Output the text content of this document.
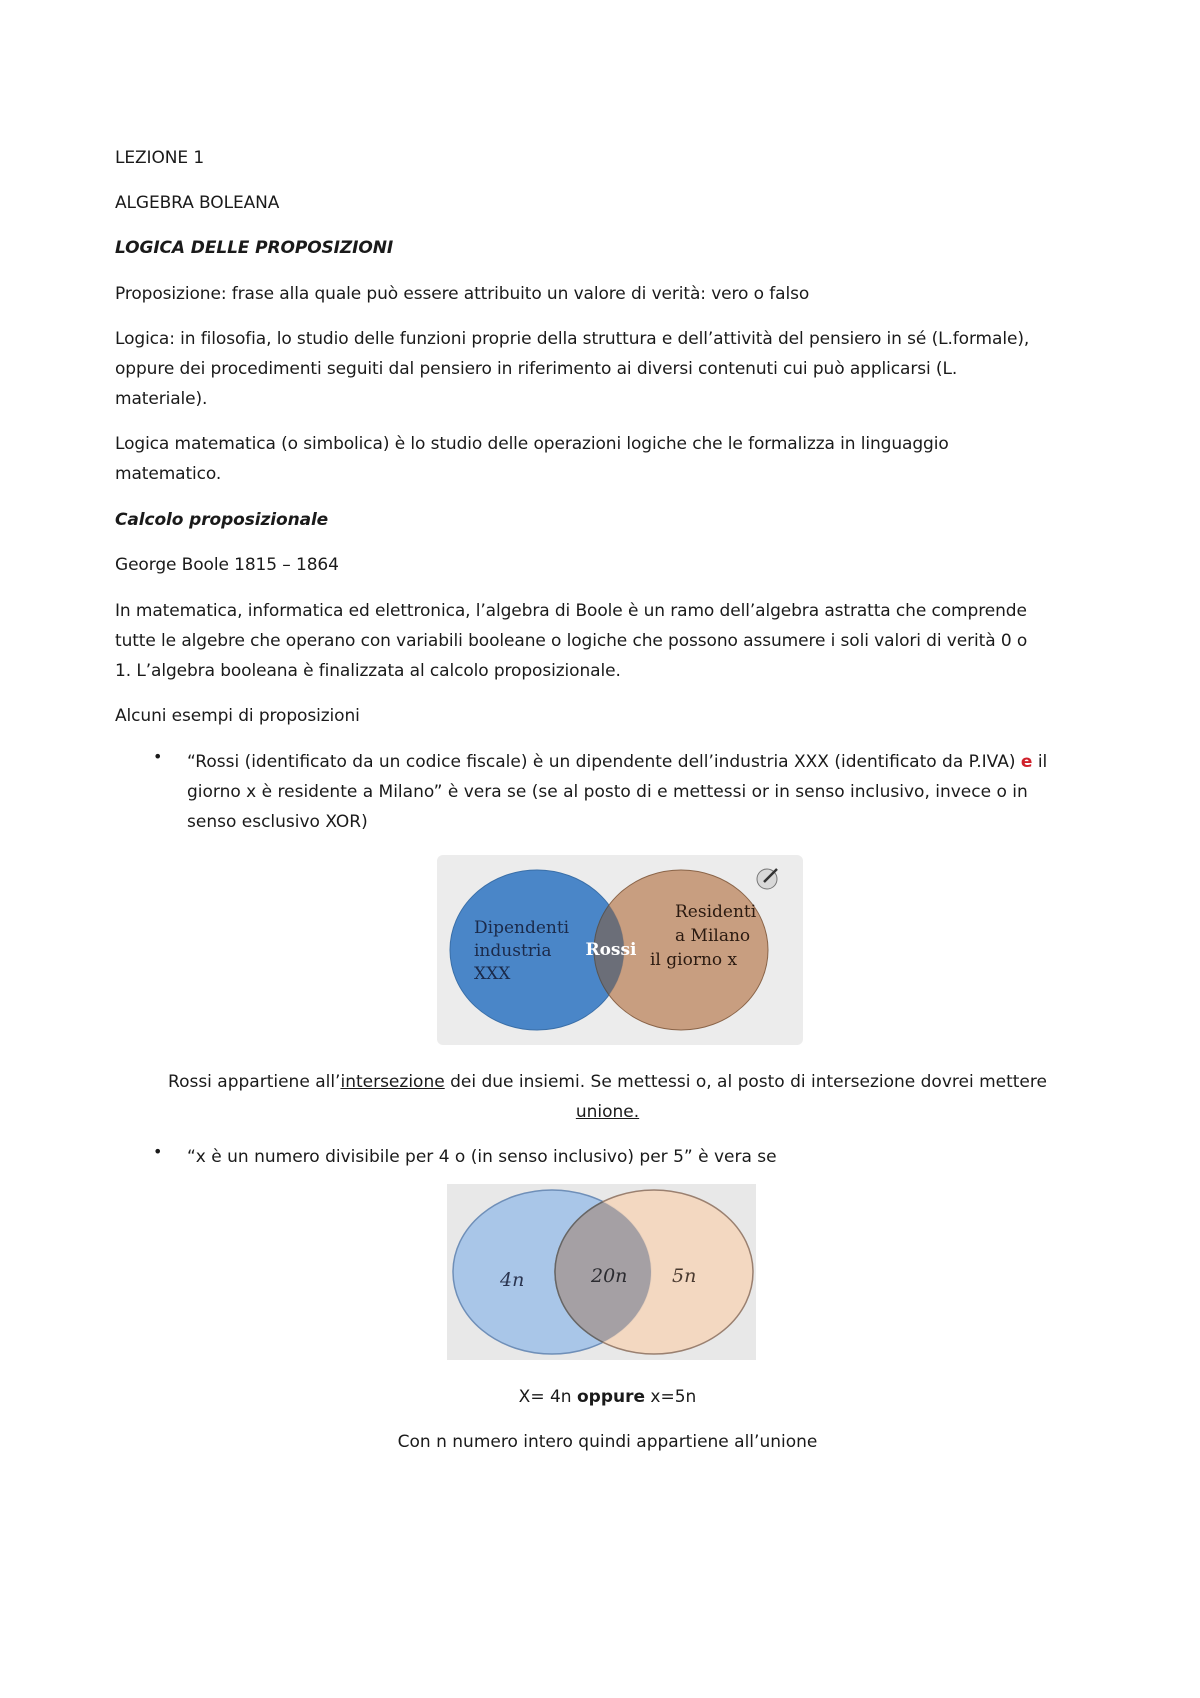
LEZIONE 1
ALGEBRA BOLEANA
LOGICA DELLE PROPOSIZIONI
Proposizione: frase alla quale può essere attribuito un valore di verità: vero o falso
Logica: in filosofia, lo studio delle funzioni proprie della struttura e dell’attività del pensiero in sé (L.formale),
oppure dei procedimenti seguiti dal pensiero in riferimento ai diversi contenuti cui può applicarsi (L.
materiale).
Logica matematica (o simbolica) è lo studio delle operazioni logiche che le formalizza in linguaggio
matematico.
Calcolo proposizionale
George Boole 1815 – 1864
In matematica, informatica ed elettronica, l’algebra di Boole è un ramo dell’algebra astratta che comprende
tutte le algebre che operano con variabili booleane o logiche che possono assumere i soli valori di verità 0 o
1. L’algebra booleana è finalizzata al calcolo proposizionale.
Alcuni esempi di proposizioni
• “Rossi (identificato da un codice fiscale) è un dipendente dell’industria XXX (identificato da P.IVA) e il
giorno x è residente a Milano” è vera se (se al posto di e mettessi or in senso inclusivo, invece o in
senso esclusivo XOR)
Dipendenti
industria
XXX
Rossi
Residenti
a Milano
il giorno x
Rossi appartiene all’intersezione dei due insiemi. Se mettessi o, al posto di intersezione dovrei mettere
unione.
• “x è un numero divisibile per 4 o (in senso inclusivo) per 5” è vera se
4n	20n 5n
X= 4n oppure x=5n
Con n numero intero quindi appartiene all’unione
